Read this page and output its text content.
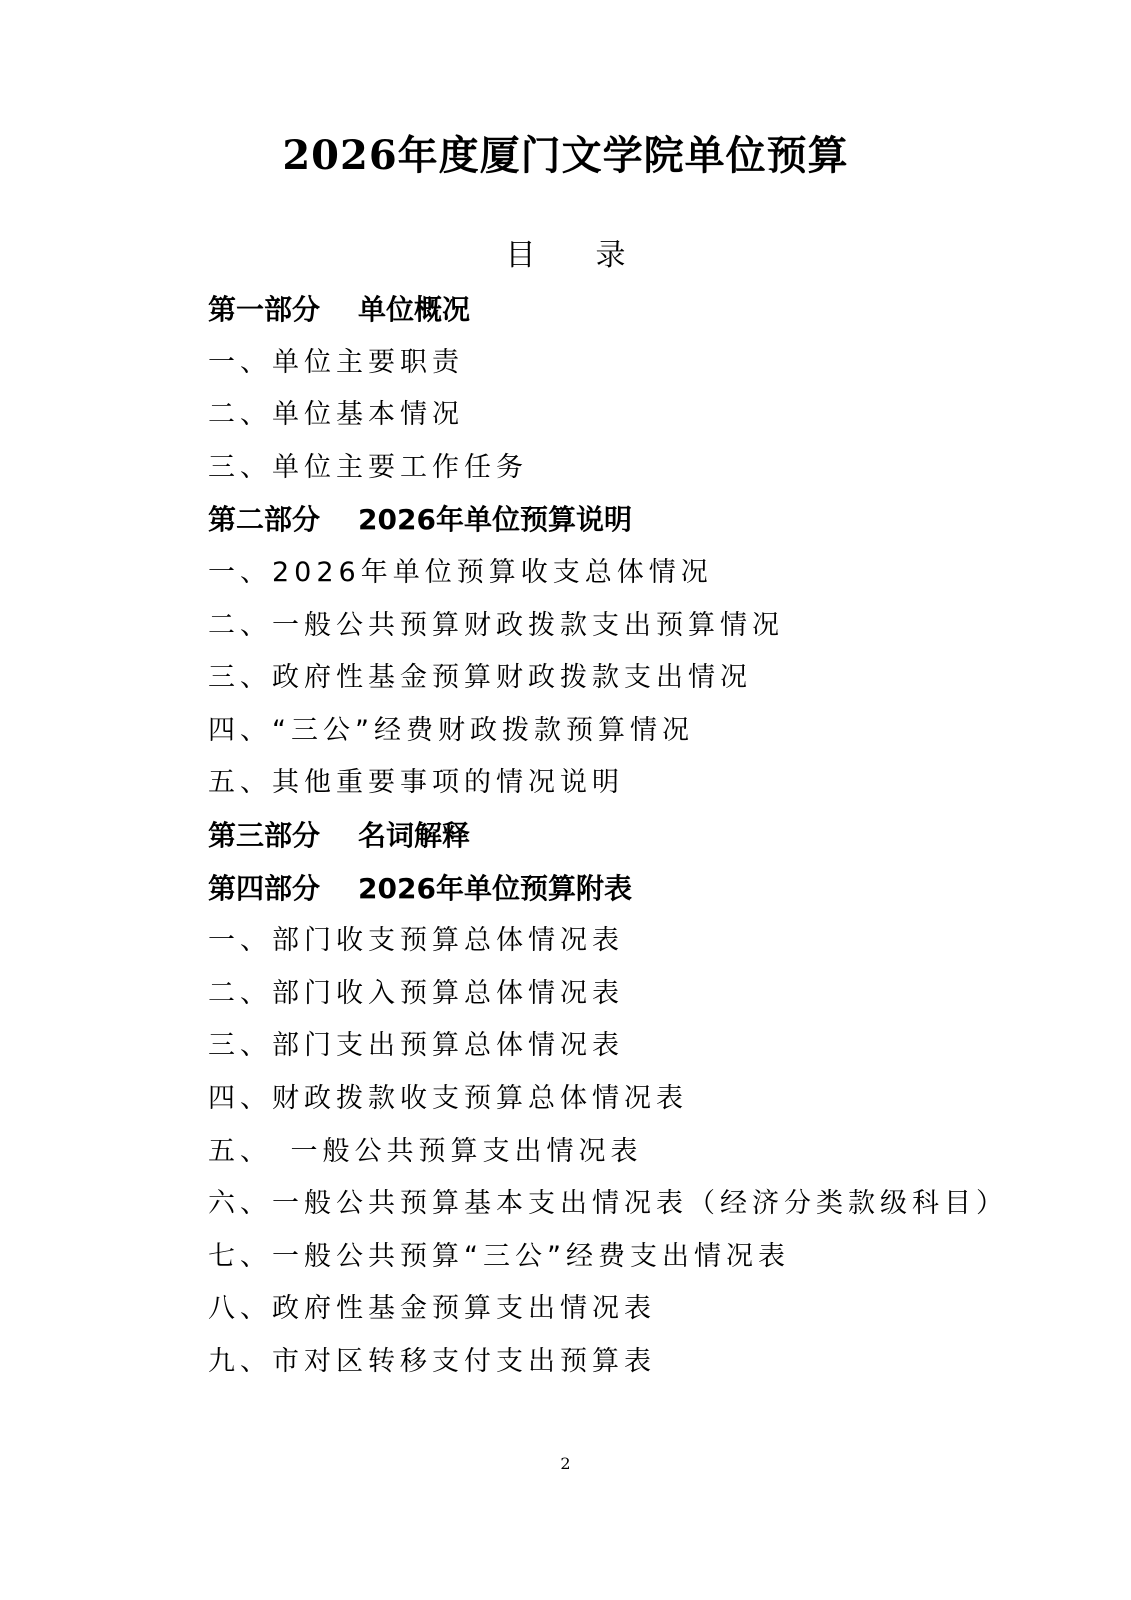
2026年度厦门文学院单位预算
目 录
第一部分 单位概况
一、单位主要职责
二、单位基本情况
三、单位主要工作任务
第二部分 2026年单位预算说明
一、2026年单位预算收支总体情况
二、一般公共预算财政拨款支出预算情况
三、政府性基金预算财政拨款支出情况
四、“三公”经费财政拨款预算情况
五、其他重要事项的情况说明
第三部分 名词解释
第四部分 2026年单位预算附表
一、部门收支预算总体情况表
二、部门收入预算总体情况表
三、部门支出预算总体情况表
四、财政拨款收支预算总体情况表
五、　一般公共预算支出情况表
六、一般公共预算基本支出情况表（经济分类款级科目）
七、一般公共预算“三公”经费支出情况表
八、政府性基金预算支出情况表
九、市对区转移支付支出预算表
2
